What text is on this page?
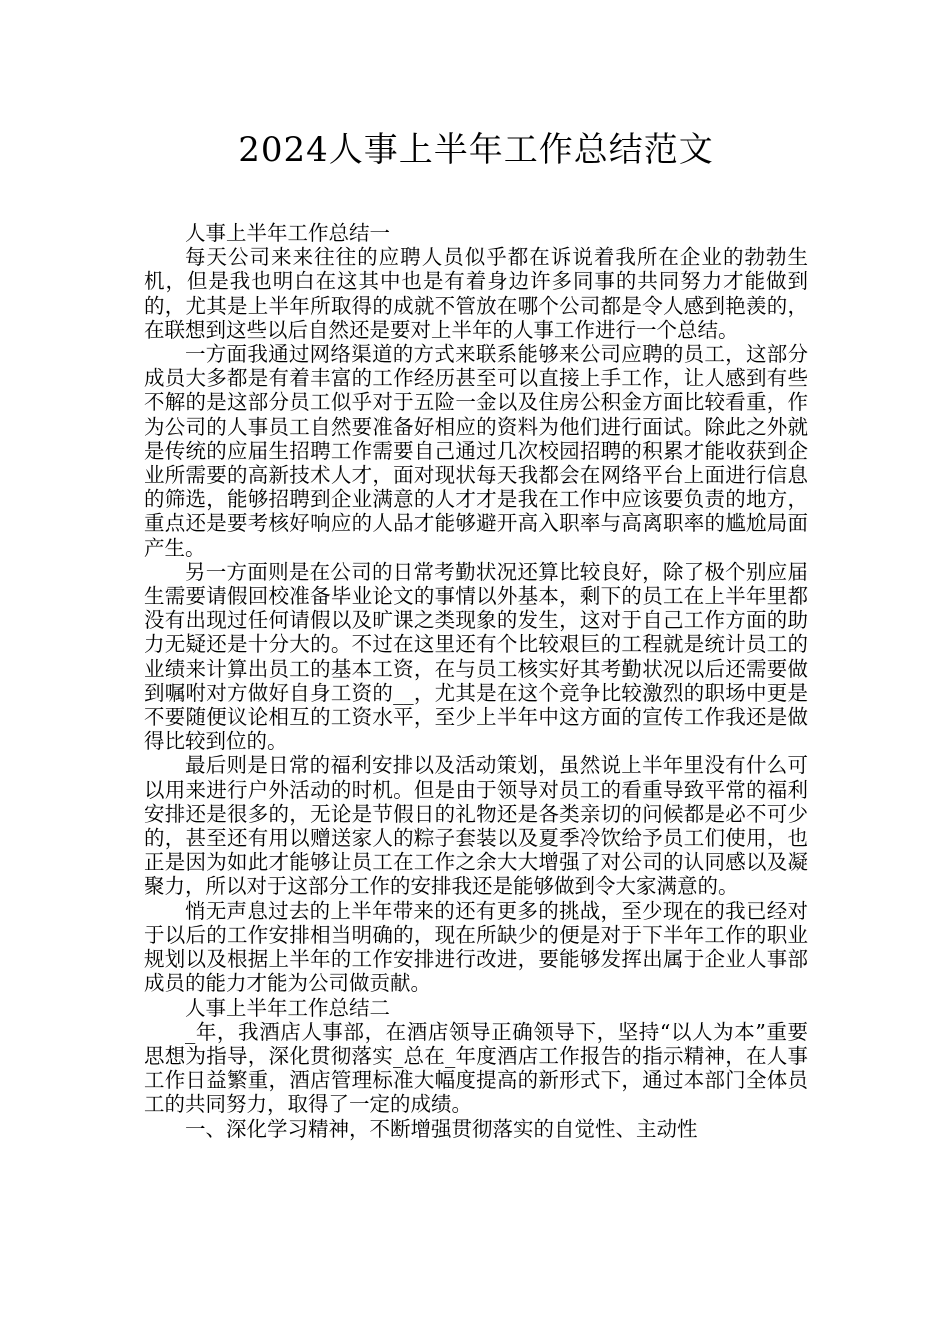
2024人事上半年工作总结范文

人事上半年工作总结一

每天公司来来往往的应聘人员似乎都在诉说着我所在企业的勃勃生机，但是我也明白在这其中也是有着身边许多同事的共同努力才能做到的，尤其是上半年所取得的成就不管放在哪个公司都是令人感到艳羡的，在联想到这些以后自然还是要对上半年的人事工作进行一个总结。

一方面我通过网络渠道的方式来联系能够来公司应聘的员工，这部分成员大多都是有着丰富的工作经历甚至可以直接上手工作，让人感到有些不解的是这部分员工似乎对于五险一金以及住房公积金方面比较看重，作为公司的人事员工自然要准备好相应的资料为他们进行面试。除此之外就是传统的应届生招聘工作需要自己通过几次校园招聘的积累才能收获到企业所需要的高新技术人才，面对现状每天我都会在网络平台上面进行信息的筛选，能够招聘到企业满意的人才才是我在工作中应该要负责的地方，重点还是要考核好响应的人品才能够避开高入职率与高离职率的尴尬局面产生。

另一方面则是在公司的日常考勤状况还算比较良好，除了极个别应届生需要请假回校准备毕业论文的事情以外基本，剩下的员工在上半年里都没有出现过任何请假以及旷课之类现象的发生，这对于自己工作方面的助力无疑还是十分大的。不过在这里还有个比较艰巨的工程就是统计员工的业绩来计算出员工的基本工资，在与员工核实好其考勤状况以后还需要做到嘱咐对方做好自身工资的__，尤其是在这个竞争比较激烈的职场中更是不要随便议论相互的工资水平，至少上半年中这方面的宣传工作我还是做得比较到位的。

最后则是日常的福利安排以及活动策划，虽然说上半年里没有什么可以用来进行户外活动的时机。但是由于领导对员工的看重导致平常的福利安排还是很多的，无论是节假日的礼物还是各类亲切的问候都是必不可少的，甚至还有用以赠送家人的粽子套装以及夏季冷饮给予员工们使用，也正是因为如此才能够让员工在工作之余大大增强了对公司的认同感以及凝聚力，所以对于这部分工作的安排我还是能够做到令大家满意的。

悄无声息过去的上半年带来的还有更多的挑战，至少现在的我已经对于以后的工作安排相当明确的，现在所缺少的便是对于下半年工作的职业规划以及根据上半年的工作安排进行改进，要能够发挥出属于企业人事部成员的能力才能为公司做贡献。

人事上半年工作总结二

_年，我酒店人事部，在酒店领导正确领导下，坚持“以人为本”重要思想为指导，深化贯彻落实_总在_年度酒店工作报告的指示精神，在人事工作日益繁重，酒店管理标准大幅度提高的新形式下，通过本部门全体员工的共同努力，取得了一定的成绩。

一、深化学习精神，不断增强贯彻落实的自觉性、主动性
